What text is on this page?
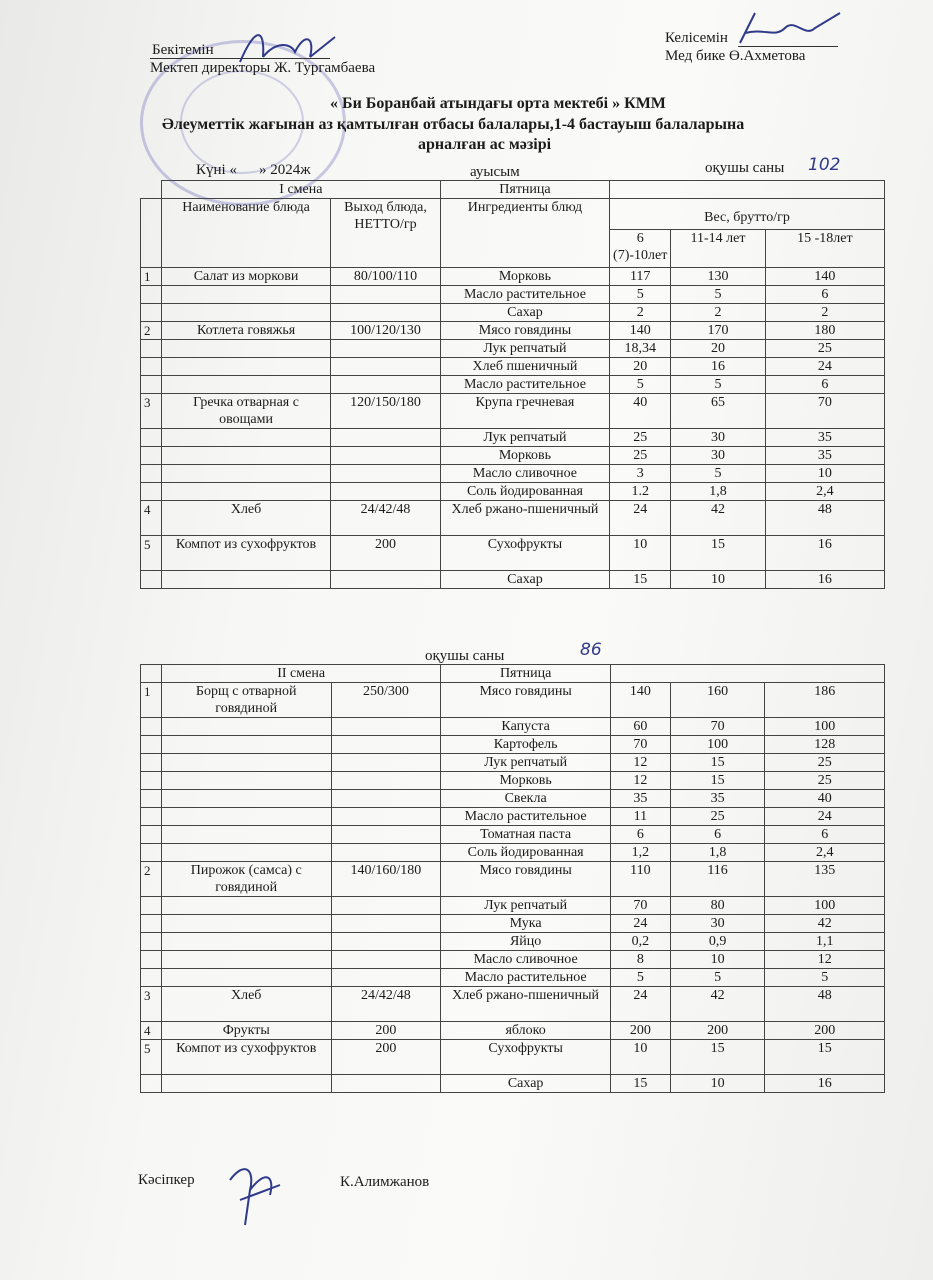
Бекітемін
Мектеп директоры Ж. Тургамбаева
Келісемін
Мед бике Ө.Ахметова
« Би Боранбай атындағы орта мектебі » КММ
Әлеуметтік жағынан аз қамтылған отбасы балалары,1-4 бастауыш балаларына
арналған ас мәзірі
Күні « » 2024ж	ауысым	оқушы саны 102
	I смена		Пятница			
	Наименование блюда	Выход блюда, НЕТТО/гр	Ингредиенты блюд	Вес, брутто/гр		
				6 (7)-10лет	11-14 лет	15 -18лет
1	Салат из моркови	80/100/110	Морковь	117	130	140
			Масло растительное	5	5	6
			Сахар	2	2	2
2	Котлета говяжья	100/120/130	Мясо говядины	140	170	180
			Лук репчатый	18,34	20	25
			Хлеб пшеничный	20	16	24
			Масло растительное	5	5	6
3	Гречка отварная с овощами	120/150/180	Крупа гречневая	40	65	70
			Лук репчатый	25	30	35
			Морковь	25	30	35
			Масло сливочное	3	5	10
			Соль йодированная	1.2	1,8	2,4
4	Хлеб	24/42/48	Хлеб ржано-пшеничный	24	42	48
5	Компот из сухофруктов	200	Сухофрукты	10	15	16
			Сахар	15	10	16
оқушы саны	86
	II смена		Пятница			
1	Борщ с отварной говядиной	250/300	Мясо говядины	140	160	186
			Капуста	60	70	100
			Картофель	70	100	128
			Лук репчатый	12	15	25
			Морковь	12	15	25
			Свекла	35	35	40
			Масло растительное	11	25	24
			Томатная паста	6	6	6
			Соль йодированная	1,2	1,8	2,4
2	Пирожок (самса) с говядиной	140/160/180	Мясо говядины	110	116	135
			Лук репчатый	70	80	100
			Мука	24	30	42
			Яйцо	0,2	0,9	1,1
			Масло сливочное	8	10	12
			Масло растительное	5	5	5
3	Хлеб	24/42/48	Хлеб ржано-пшеничный	24	42	48
4	Фрукты	200	яблоко	200	200	200
5	Компот из сухофруктов	200	Сухофрукты	10	15	15
			Сахар	15	10	16
Кәсіпкер	К.Алимжанов
